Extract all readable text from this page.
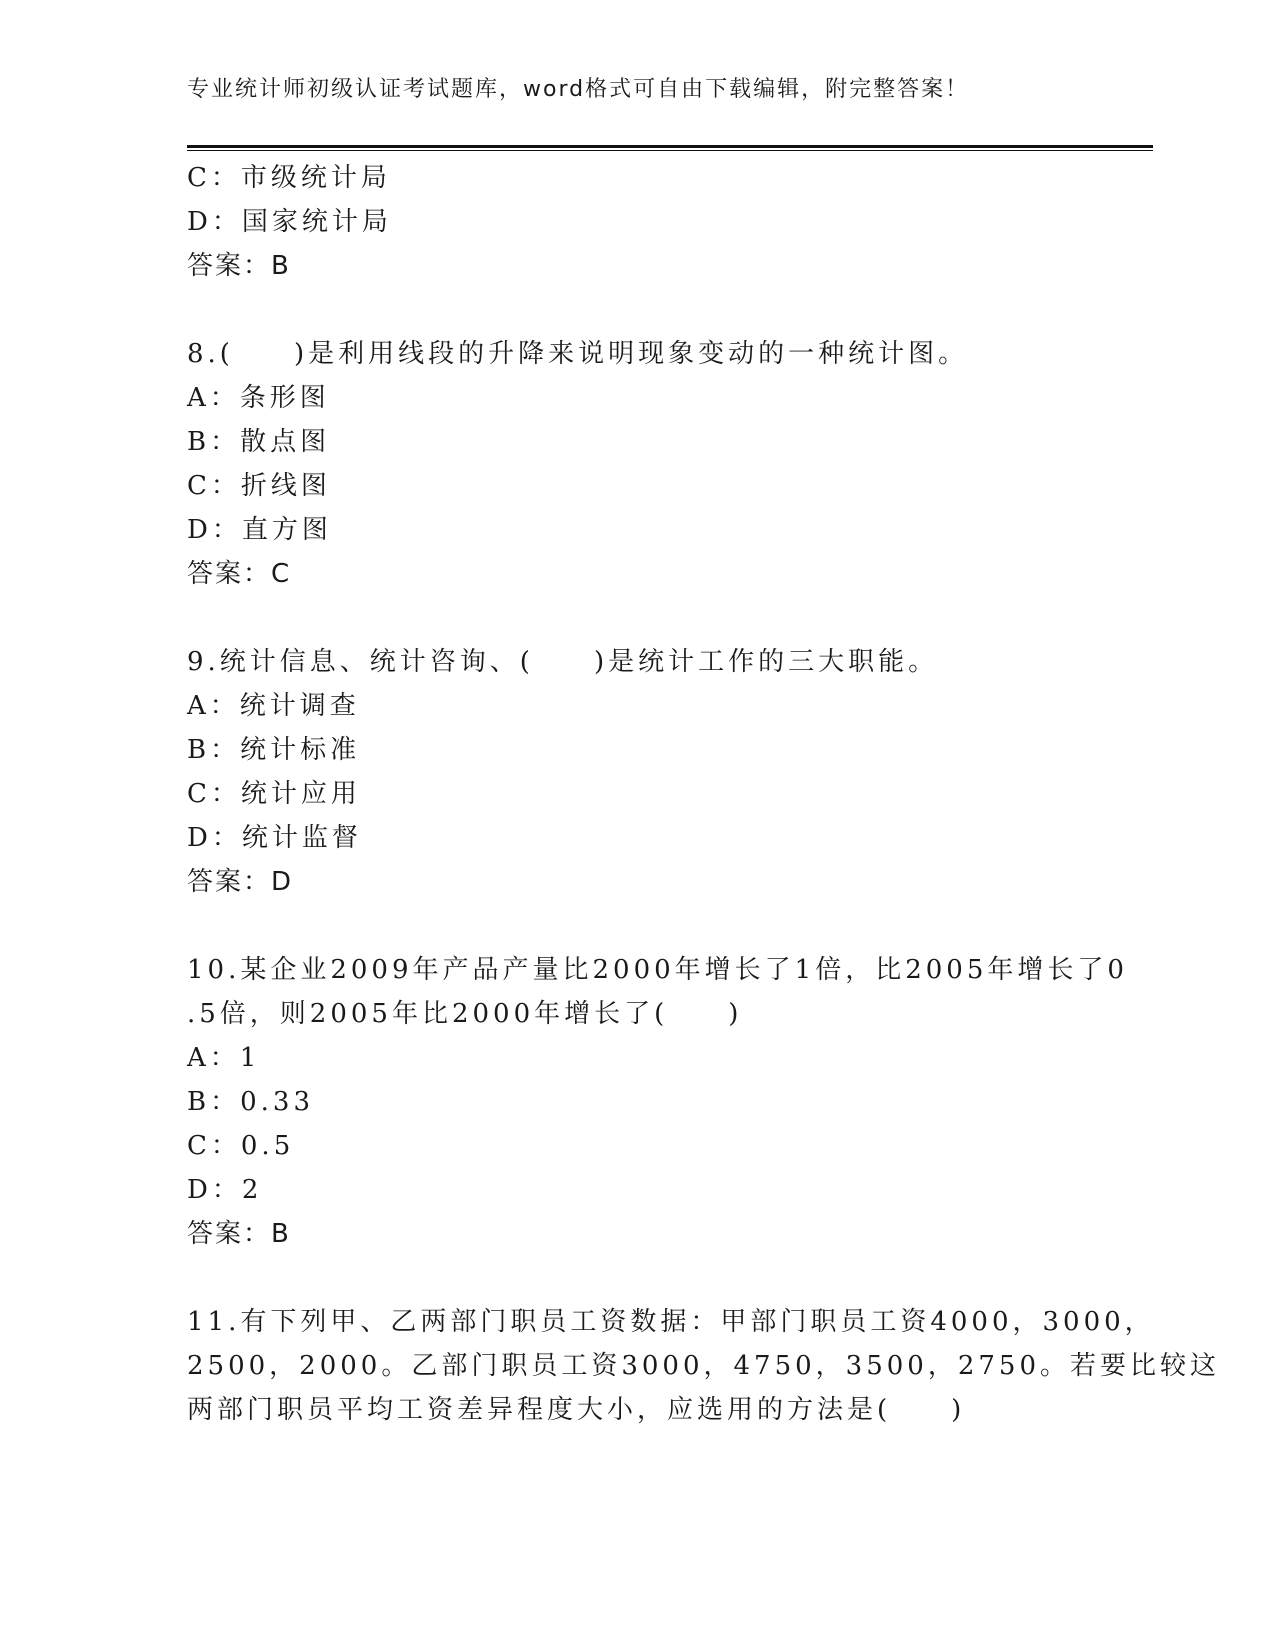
专业统计师初级认证考试题库，word格式可自由下载编辑，附完整答案！
C：市级统计局
D：国家统计局
答案：B
8.(　　)是利用线段的升降来说明现象变动的一种统计图。
A：条形图
B：散点图
C：折线图
D：直方图
答案：C
9.统计信息、统计咨询、(　　)是统计工作的三大职能。
A：统计调查
B：统计标准
C：统计应用
D：统计监督
答案：D
10.某企业2009年产品产量比2000年增长了1倍，比2005年增长了0
.5倍，则2005年比2000年增长了(　　)
A：1
B：0.33
C：0.5
D：2
答案：B
11.有下列甲、乙两部门职员工资数据：甲部门职员工资4000，3000，
2500，2000。乙部门职员工资3000，4750，3500，2750。若要比较这
两部门职员平均工资差异程度大小，应选用的方法是(　　)
